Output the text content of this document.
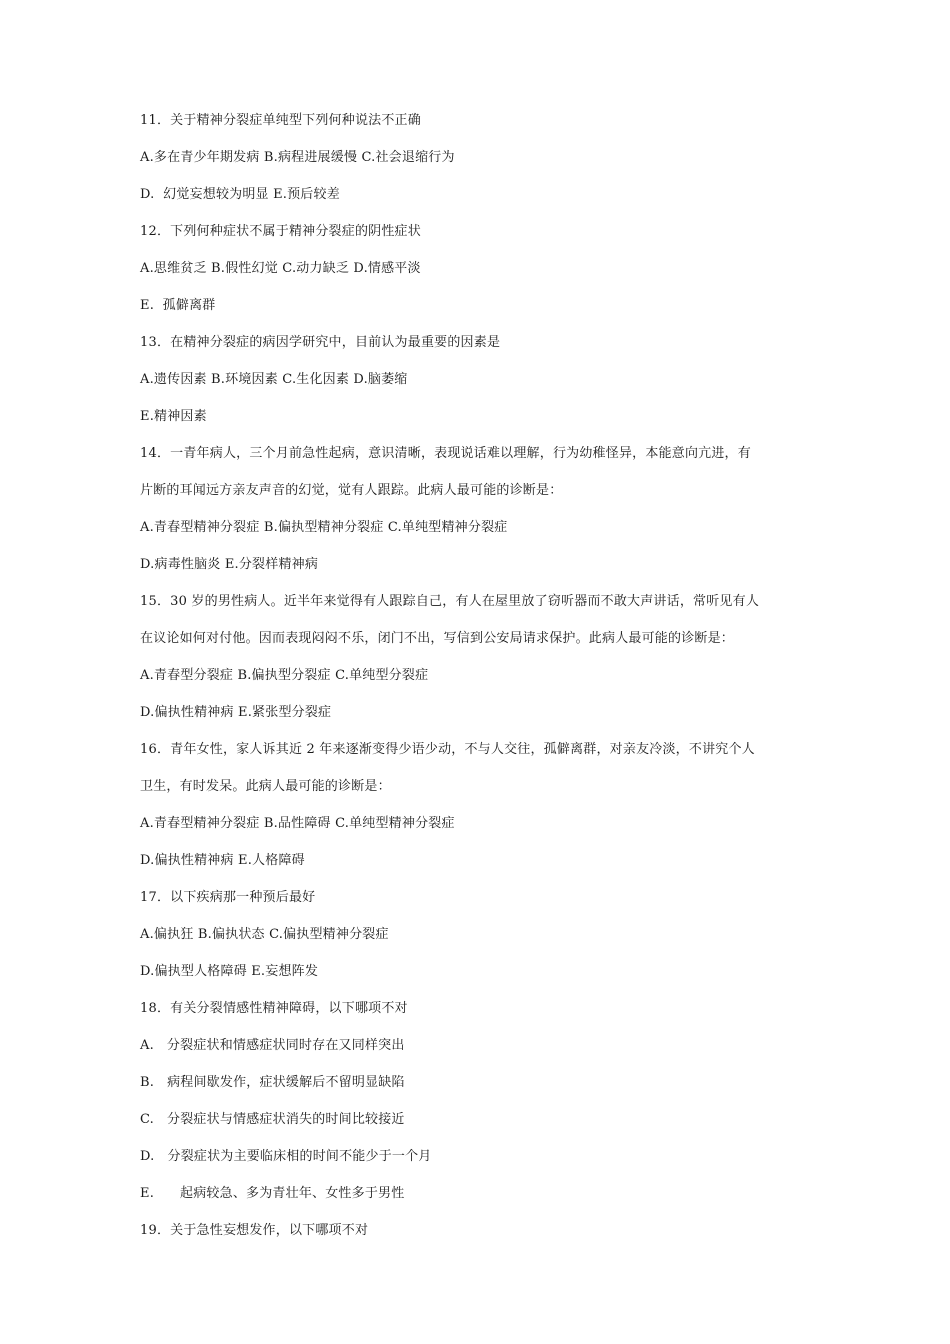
11．关于精神分裂症单纯型下列何种说法不正确
A.多在青少年期发病 B.病程进展缓慢 C.社会退缩行为
D.  幻觉妄想较为明显 E.预后较差
12．下列何种症状不属于精神分裂症的阴性症状
A.思维贫乏 B.假性幻觉 C.动力缺乏 D.情感平淡
E.  孤僻离群
13．在精神分裂症的病因学研究中，目前认为最重要的因素是
A.遗传因素 B.环境因素 C.生化因素 D.脑萎缩
E.精神因素
14．一青年病人，三个月前急性起病，意识清晰，表现说话难以理解，行为幼稚怪异，本能意向亢进，有
片断的耳闻远方亲友声音的幻觉，觉有人跟踪。此病人最可能的诊断是：
A.青春型精神分裂症 B.偏执型精神分裂症 C.单纯型精神分裂症
D.病毒性脑炎 E.分裂样精神病
15．30 岁的男性病人。近半年来觉得有人跟踪自己，有人在屋里放了窃听器而不敢大声讲话，常听见有人
在议论如何对付他。因而表现闷闷不乐，闭门不出，写信到公安局请求保护。此病人最可能的诊断是：
A.青春型分裂症 B.偏执型分裂症 C.单纯型分裂症
D.偏执性精神病 E.紧张型分裂症
16．青年女性，家人诉其近 2 年来逐渐变得少语少动，不与人交往，孤僻离群，对亲友冷淡，不讲究个人
卫生，有时发呆。此病人最可能的诊断是：
A.青春型精神分裂症 B.品性障碍 C.单纯型精神分裂症
D.偏执性精神病 E.人格障碍
17．以下疾病那一种预后最好
A.偏执狂 B.偏执状态 C.偏执型精神分裂症
D.偏执型人格障碍 E.妄想阵发
18．有关分裂情感性精神障碍，以下哪项不对
A.   分裂症状和情感症状同时存在又同样突出
B.   病程间歇发作，症状缓解后不留明显缺陷
C.   分裂症状与情感症状消失的时间比较接近
D.   分裂症状为主要临床相的时间不能少于一个月
E.      起病较急、多为青壮年、女性多于男性
19．关于急性妄想发作，以下哪项不对
